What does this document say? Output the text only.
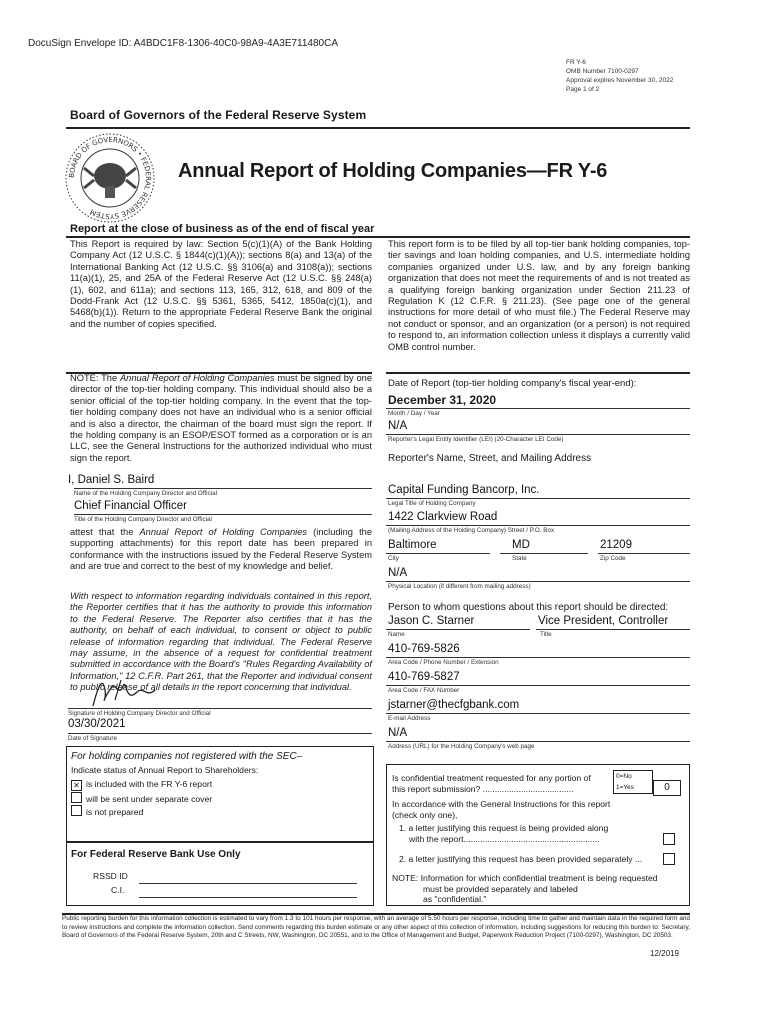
DocuSign Envelope ID: A4BDC1F8-1306-40C0-98A9-4A3E711480CA
FR Y-6
OMB Number 7100-0297
Approval expires November 30, 2022
Page 1 of 2
Board of Governors of the Federal Reserve System
BOARD OF GOVERNORS • FEDERAL RESERVE SYSTEM
Annual Report of Holding Companies—FR Y-6
Report at the close of business as of the end of fiscal year
This Report is required by law: Section 5(c)(1)(A) of the Bank Holding Company Act (12 U.S.C. § 1844(c)(1)(A)); sections 8(a) and 13(a) of the International Banking Act (12 U.S.C. §§ 3106(a) and 3108(a)); sections 11(a)(1), 25, and 25A of the Federal Reserve Act (12 U.S.C. §§ 248(a)(1), 602, and 611a); and sections 113, 165, 312, 618, and 809 of the Dodd-Frank Act (12 U.S.C. §§ 5361, 5365, 5412, 1850a(c)(1), and 5468(b)(1)). Return to the appropriate Federal Reserve Bank the original and the number of copies specified.
NOTE: The Annual Report of Holding Companies must be signed by one director of the top-tier holding company. This individual should also be a senior official of the top-tier holding company. In the event that the top-tier holding company does not have an individual who is a senior official and is also a director, the chairman of the board must sign the report. If the holding company is an ESOP/ESOT formed as a corporation or is an LLC, see the General Instructions for the authorized individual who must sign the report.
I, Daniel S. Baird
Name of the Holding Company Director and Official
Chief Financial Officer
Title of the Holding Company Director and Official
attest that the Annual Report of Holding Companies (including the supporting attachments) for this report date has been prepared in conformance with the instructions issued by the Federal Reserve System and are true and correct to the best of my knowledge and belief.
With respect to information regarding individuals contained in this report, the Reporter certifies that it has the authority to provide this information to the Federal Reserve. The Reporter also certifies that it has the authority, on behalf of each individual, to consent or object to public release of information regarding that individual. The Federal Reserve may assume, in the absence of a request for confidential treatment submitted in accordance with the Board's "Rules Regarding Availability of Information," 12 C.F.R. Part 261, that the Reporter and individual consent to public release of all details in the report concerning that individual.
Signature of Holding Company Director and Official
03/30/2021
Date of Signature
For holding companies not registered with the SEC–
Indicate status of Annual Report to Shareholders:
✕ is included with the FR Y-6 report
will be sent under separate cover
is not prepared
For Federal Reserve Bank Use Only
RSSD ID
C.I.
This report form is to be filed by all top-tier bank holding companies, top-tier savings and loan holding companies, and U.S. intermediate holding companies organized under U.S. law, and by any foreign banking organization that does not meet the requirements of and is not treated as a qualifying foreign banking organization under Section 211.23 of Regulation K (12 C.F.R. § 211.23). (See page one of the general instructions for more detail of who must file.) The Federal Reserve may not conduct or sponsor, and an organization (or a person) is not required to respond to, an information collection unless it displays a currently valid OMB control number.
Date of Report (top-tier holding company's fiscal year-end):
December 31, 2020
Month / Day / Year
N/A
Reporter's Legal Entity Identifier (LEI) (20-Character LEI Code)
Reporter's Name, Street, and Mailing Address
Capital Funding Bancorp, Inc.
Legal Title of Holding Company
1422 Clarkview Road
(Mailing Address of the Holding Company) Street / P.O. Box
Baltimore	MD	21209
City	State	Zip Code
N/A
Physical Location (if different from mailing address)
Person to whom questions about this report should be directed:
Jason C. Starner	Vice President, Controller
Name	Title
410-769-5826
Area Code / Phone Number / Extension
410-769-5827
Area Code / FAX Number
jstarner@thecfgbank.com
E-mail Address
N/A
Address (URL) for the Holding Company's web page
Is confidential treatment requested for any portion of
this report submission? ......................................
0=No
1=Yes	0
In accordance with the General Instructions for this report
(check only one),
1. a letter justifying this request is being provided along
with the report.........................................................
2. a letter justifying this request has been provided separately ...
NOTE: Information for which confidential treatment is being requested
must be provided separately and labeled
as "confidential."
Public reporting burden for this information collection is estimated to vary from 1.3 to 101 hours per response, with an average of 5.50 hours per response, including time to gather and maintain data in the required form and to review instructions and complete the information collection. Send comments regarding this burden estimate or any other aspect of this collection of information, including suggestions for reducing this burden to: Secretary, Board of Governors of the Federal Reserve System, 20th and C Streets, NW, Washington, DC 20551, and to the Office of Management and Budget, Paperwork Reduction Project (7100-0297), Washington, DC 20503.
12/2019
